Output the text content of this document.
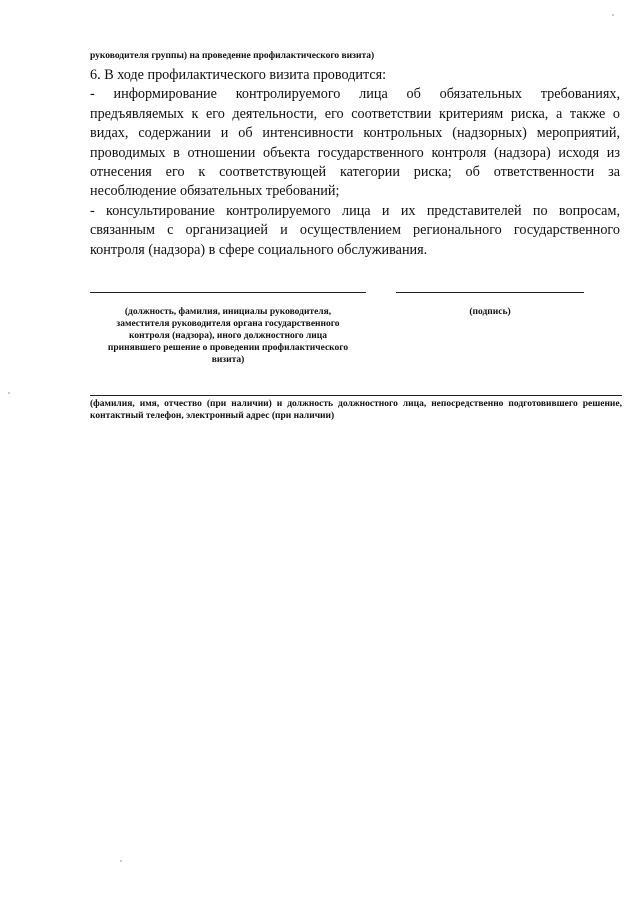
руководителя группы) на проведение профилактического визита)

6. В ходе профилактического визита проводится:

- информирование контролируемого лица об обязательных требованиях, предъявляемых к его деятельности, его соответствии критериям риска, а также о видах, содержании и об интенсивности контрольных (надзорных) мероприятий, проводимых в отношении объекта государственного контроля (надзора) исходя из отнесения его к соответствующей категории риска; об ответственности за несоблюдение обязательных требований;

- консультирование контролируемого лица и их представителей по вопросам, связанным с организацией и осуществлением регионального государственного контроля (надзора) в сфере социального обслуживания.

(должность, фамилия, инициалы руководителя,
заместителя руководителя органа государственного
контроля (надзора), иного должностного лица
принявшего решение о проведении профилактического
визита)
(подпись)
(фамилия, имя, отчество (при наличии) и должность должностного лица, непосредственно подготовившего решение, контактный телефон, электронный адрес (при наличии)
